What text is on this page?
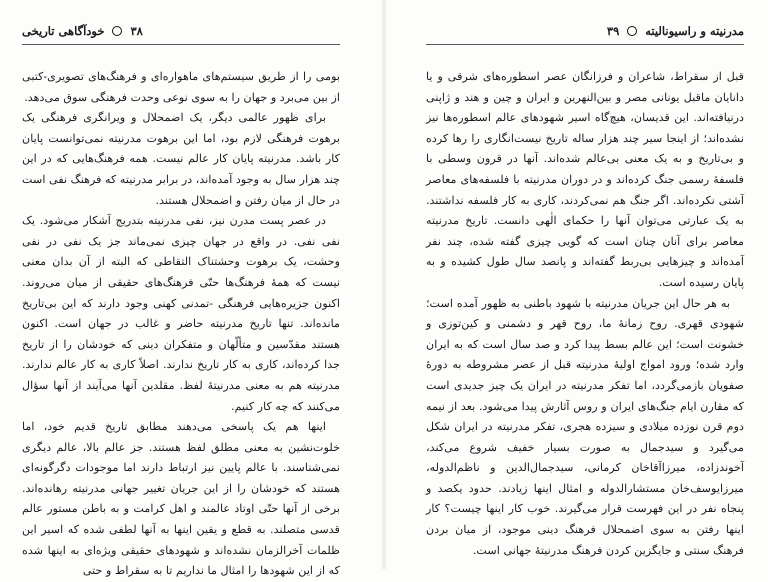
۳۸
خودآگاهی تاریخی

بومی را از طریق سیستم‌های ماهواره‌ای و فرهنگ‌های تصویری-کتبی از بین می‌برد و جهان را به سوی نوعی وحدت فرهنگی سوق می‌دهد.

برای ظهور عالمی دیگر، یک اضمحلال و ویرانگری فرهنگی یک برهوت فرهنگی لازم بود، اما این برهوت مدرنیته نمی‌توانست پایان کار باشد. مدرنیته پایان کار عالم نیست. همه فرهنگ‌هایی که در این چند هزار سال به وجود آمده‌اند، در برابر مدرنیته که فرهنگ نفی است در حال از میان رفتن و اضمحلال هستند.

در عصر پست مدرن نیز، نفی مدرنیته بتدریج آشکار می‌شود. یک نفی نفی. در واقع در جهان چیزی نمی‌ماند جز یک نفی در نفی وحشت، یک برهوت وحشتناک التقاطی که البته از آن بدان معنی نیست که همهٔ فرهنگ‌ها حتّی فرهنگ‌های حقیقی از میان می‌روند. اکنون جزیره‌هایی فرهنگی -تمدنی کهنی وجود دارند که این بی‌تاریخ مانده‌اند. تنها تاریخ مدرنیته حاضر و غالب در جهان است. اکنون هستند مقدّسین و متألّهان و متفکران دینی که خودشان را از تاریخ جدا کرده‌اند، کاری به کار تاریخ ندارند. اصلاً کاری به کار عالم ندارند. مدرنیته هم به معنی مدرنیتهٔ لفظ. مقلدین آنها می‌آیند از آنها سؤال می‌کنند که چه کار کنیم.

اینها هم یک پاسخی می‌دهند مطابق تاریخ قدیم خود، اما خلوت‌نشین به معنی مطلق لفظ هستند. جز عالم بالا، عالم دیگری نمی‌شناسند. با عالم پایین نیز ارتباط دارند اما موجودات دگرگونه‌ای هستند که خودشان را از این جریان تغییر جهانی مدرنیته رهانده‌اند. برخی از آنها حتّی اوتاد عالمند و اهل کرامت و به باطن مستور عالم قدسی متصلند. به قطع و یقین اینها به آنها لطفی شده که اسیر این ظلمات آخرالزمان نشده‌اند و شهودهای حقیقی ویژه‌ای به اینها شده که از این شهودها را امثال ما نداریم تا به سقراط و حتی

مدرنیته و راسیونالیته
۳۹

قبل از سقراط، شاعران و فرزانگان عصر اسطوره‌های شرقی و یا دانایان ماقبل یونانی مصر و بین‌النهرین و ایران و چین و هند و ژاپنی درنیافته‌اند. این قدیسان، هیچ‌گاه اسیر شهودهای عالم اسطوره‌ها نیز نشده‌اند؛ از اینجا سیر چند هزار ساله تاریخ نیست‌انگاری را رها کرده و بی‌تاریخ و به یک معنی بی‌عالم شده‌اند. آنها در قرون وسطی با فلسفهٔ رسمی جنگ کرده‌اند و در دوران مدرنیته با فلسفه‌های معاصر آشتی نکرده‌اند. اگر جنگ هم نمی‌کردند، کاری به کار فلسفه نداشتند. به یک عبارتی می‌توان آنها را حکمای الٰهی دانست. تاریخ مدرنیته معاصر برای آنان چنان است که گویی چیزی گفته شده، چند نفر آمده‌اند و چیزهایی بی‌ربط گفته‌اند و پانصد سال طول کشیده و به پایان رسیده است.

به هر حال این جریان مدرنیته با شهود باطنی به ظهور آمده است؛ شهودی قهری. روح زمانهٔ ما، روح قهر و دشمنی و کین‌توزی و خشونت است؛ این عالم بسط پیدا کرد و صد سال است که به ایران وارد شده؛ ورود امواج اولیهٔ مدرنیته قبل از عصر مشروطه به دورهٔ صفویان بازمی‌گردد، اما تفکر مدرنیته در ایران یک چیز جدیدی است که مقارن ایام جنگ‌های ایران و روس آثارش پیدا می‌شود. بعد از نیمه دوم قرن نوزده میلادی و سیزده هجری، تفکر مدرنیته در ایران شکل می‌گیرد و سیدجمال به صورت بسیار خفیف شروع می‌کند، آخوندزاده، میرزاآقاخان کرمانی، سیدجمال‌الدین و ناظم‌الدوله، میرزایوسف‌خان مستشارالدوله و امثال اینها زیادند. حدود یکصد و پنجاه نفر در این فهرست قرار می‌گیرند. خوب کار اینها چیست؟ کار اینها رفتن به سوی اضمحلال فرهنگ دینی موجود، از میان بردن فرهنگ سنتی و جایگزین کردن فرهنگ مدرنیتهٔ جهانی است.
